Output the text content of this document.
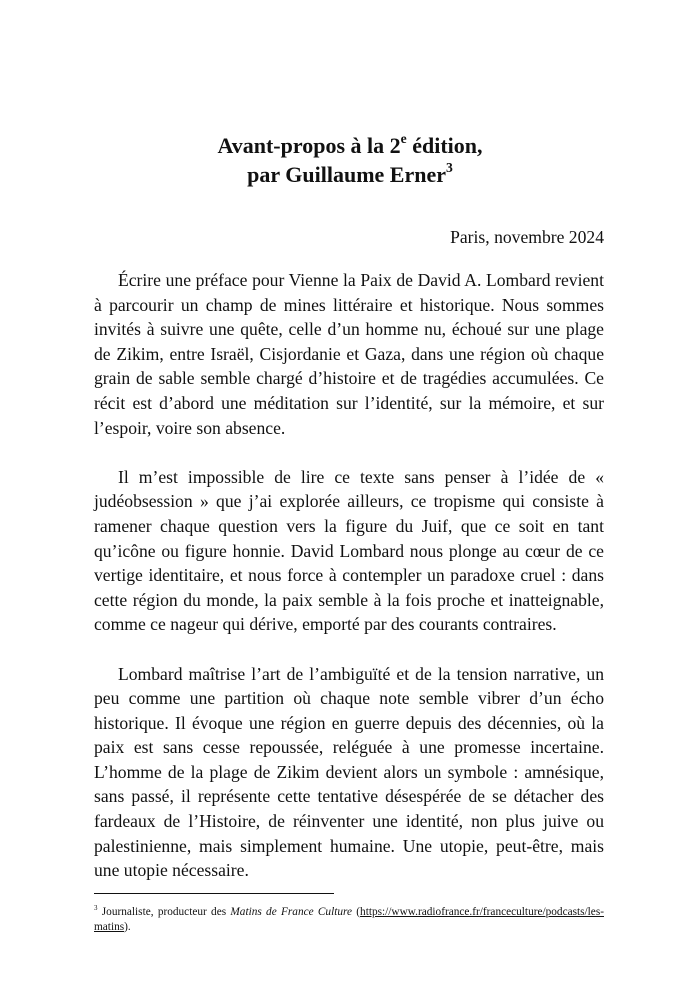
Avant-propos à la 2e édition,
par Guillaume Erner$^3$
Paris, novembre 2024

Écrire une préface pour Vienne la Paix de David A. Lombard revient à parcourir un champ de mines littéraire et historique. Nous sommes invités à suivre une quête, celle d’un homme nu, échoué sur une plage de Zikim, entre Israël, Cisjordanie et Gaza, dans une région où chaque grain de sable semble chargé d’histoire et de tragédies accumulées. Ce récit est d’abord une méditation sur l’identité, sur la mémoire, et sur l’espoir, voire son absence.

Il m’est impossible de lire ce texte sans penser à l’idée de « judéobsession » que j’ai explorée ailleurs, ce tropisme qui consiste à ramener chaque question vers la figure du Juif, que ce soit en tant qu’icône ou figure honnie. David Lombard nous plonge au cœur de ce vertige identitaire, et nous force à contempler un paradoxe cruel : dans cette région du monde, la paix semble à la fois proche et inatteignable, comme ce nageur qui dérive, emporté par des courants contraires.

Lombard maîtrise l’art de l’ambiguïté et de la tension narrative, un peu comme une partition où chaque note semble vibrer d’un écho historique. Il évoque une région en guerre depuis des décennies, où la paix est sans cesse repoussée, reléguée à une promesse incertaine. L’homme de la plage de Zikim devient alors un symbole : amnésique, sans passé, il représente cette tentative désespérée de se détacher des fardeaux de l’Histoire, de réinventer une identité, non plus juive ou palestinienne, mais simplement humaine. Une utopie, peut-être, mais une utopie nécessaire.

$^3$ Journaliste, producteur des Matins de France Culture (https://www.radiofrance.fr/franceculture/podcasts/les-matins).
